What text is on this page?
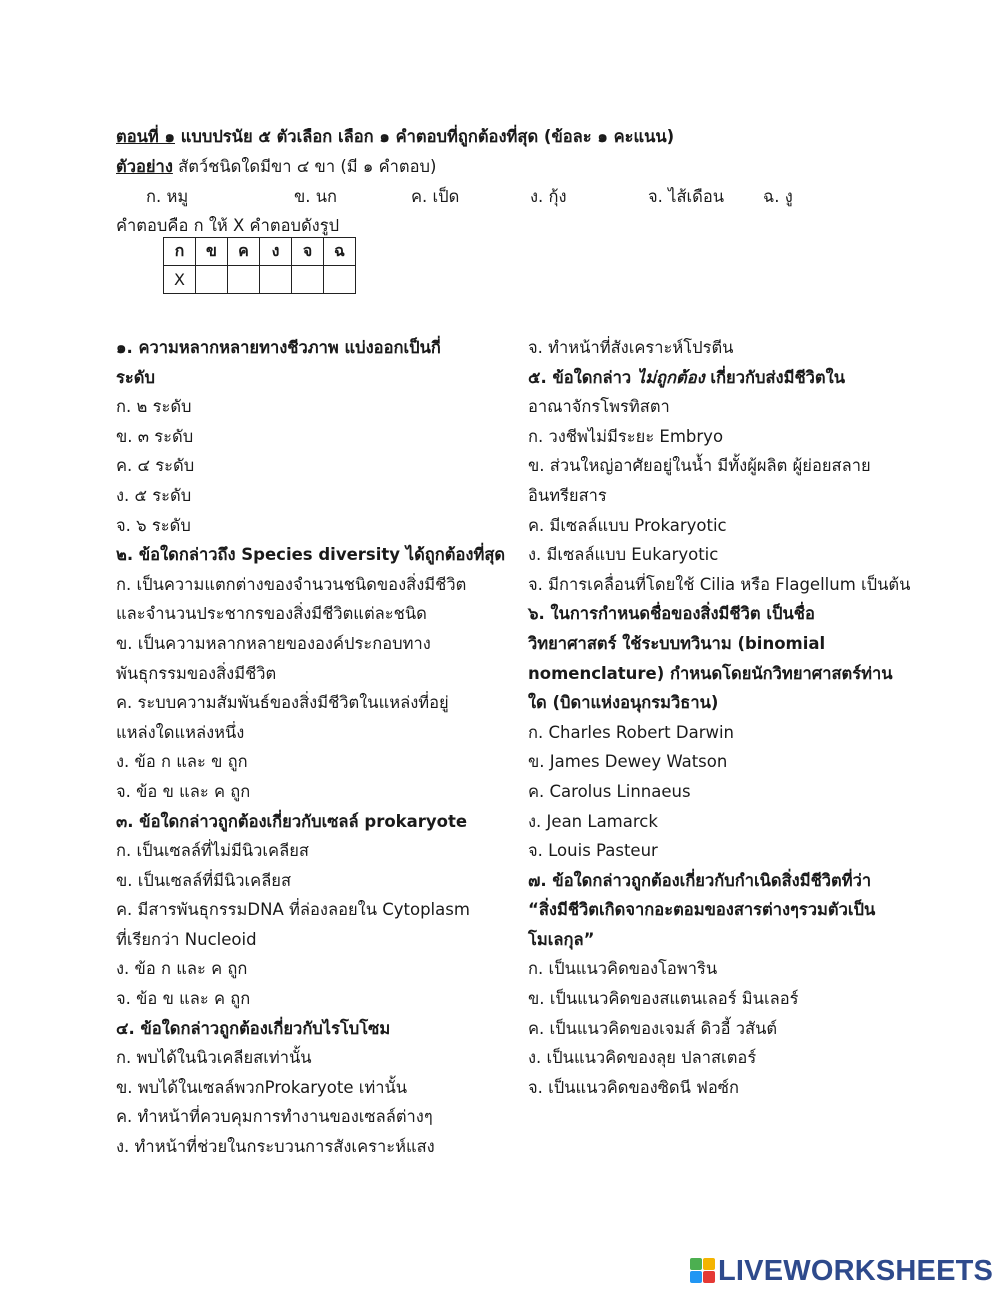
ตอนที่ ๑ แบบปรนัย ๕ ตัวเลือก เลือก ๑ คำตอบที่ถูกต้องที่สุด (ข้อละ ๑ คะแนน)
ตัวอย่าง สัตว์ชนิดใดมีขา ๔ ขา (มี ๑ คำตอบ)
ก. หมู	ข. นก	ค. เป็ด	ง. กุ้ง	จ. ไส้เดือน ฉ. งู
คำตอบคือ ก ให้ X คำตอบดังรูป
ก	ข	ค	ง	จ	ฉ
X					
๑. ความหลากหลายทางชีวภาพ แบ่งออกเป็นกี่
ระดับ
ก. ๒ ระดับ
ข. ๓ ระดับ
ค. ๔ ระดับ
ง. ๕ ระดับ
จ. ๖ ระดับ
๒. ข้อใดกล่าวถึง Species diversity ได้ถูกต้องที่สุด
ก. เป็นความแตกต่างของจำนวนชนิดของสิ่งมีชีวิต
และจำนวนประชากรของสิ่งมีชีวิตแต่ละชนิด
ข. เป็นความหลากหลายขององค์ประกอบทาง
พันธุกรรมของสิ่งมีชีวิต
ค. ระบบความสัมพันธ์ของสิ่งมีชีวิตในแหล่งที่อยู่
แหล่งใดแหล่งหนึ่ง
ง. ข้อ ก และ ข ถูก
จ. ข้อ ข และ ค ถูก
๓. ข้อใดกล่าวถูกต้องเกี่ยวกับเซลล์ prokaryote
ก. เป็นเซลล์ที่ไม่มีนิวเคลียส
ข. เป็นเซลล์ที่มีนิวเคลียส
ค. มีสารพันธุกรรมDNA ที่ล่องลอยใน Cytoplasm
ที่เรียกว่า Nucleoid
ง. ข้อ ก และ ค ถูก
จ. ข้อ ข และ ค ถูก
๔. ข้อใดกล่าวถูกต้องเกี่ยวกับไรโบโซม
ก. พบได้ในนิวเคลียสเท่านั้น
ข. พบได้ในเซลล์พวกProkaryote เท่านั้น
ค. ทำหน้าที่ควบคุมการทำงานของเซลล์ต่างๆ
ง. ทำหน้าที่ช่วยในกระบวนการสังเคราะห์แสง
จ. ทำหน้าที่สังเคราะห์โปรตีน
๕. ข้อใดกล่าว ไม่ถูกต้อง เกี่ยวกับส่งมีชีวิตใน
อาณาจักรโพรทิสตา
ก. วงชีพไม่มีระยะ Embryo
ข. ส่วนใหญ่อาศัยอยู่ในน้ำ มีทั้งผู้ผลิต ผู้ย่อยสลาย
อินทรียสาร
ค. มีเซลล์แบบ Prokaryotic
ง. มีเซลล์แบบ Eukaryotic
จ. มีการเคลื่อนที่โดยใช้ Cilia หรือ Flagellum เป็นต้น
๖. ในการกำหนดชื่อของสิ่งมีชีวิต เป็นชื่อ
วิทยาศาสตร์ ใช้ระบบทวินาม (binomial
nomenclature) กำหนดโดยนักวิทยาศาสตร์ท่าน
ใด (บิดาแห่งอนุกรมวิธาน)
ก. Charles Robert Darwin
ข. James Dewey Watson
ค. Carolus Linnaeus
ง. Jean Lamarck
จ. Louis Pasteur
๗. ข้อใดกล่าวถูกต้องเกี่ยวกับกำเนิดสิ่งมีชีวิตที่ว่า
“สิ่งมีชีวิตเกิดจากอะตอมของสารต่างๆรวมตัวเป็น
โมเลกุล”
ก. เป็นแนวคิดของโอพาริน
ข. เป็นแนวคิดของสแตนเลอร์ มินเลอร์
ค. เป็นแนวคิดของเจมส์ ดิวอี้ วสันต์
ง. เป็นแนวคิดของลุย ปลาสเตอร์
จ. เป็นแนวคิดของซิดนี ฟอซ์ก
LIVEWORKSHEETS
